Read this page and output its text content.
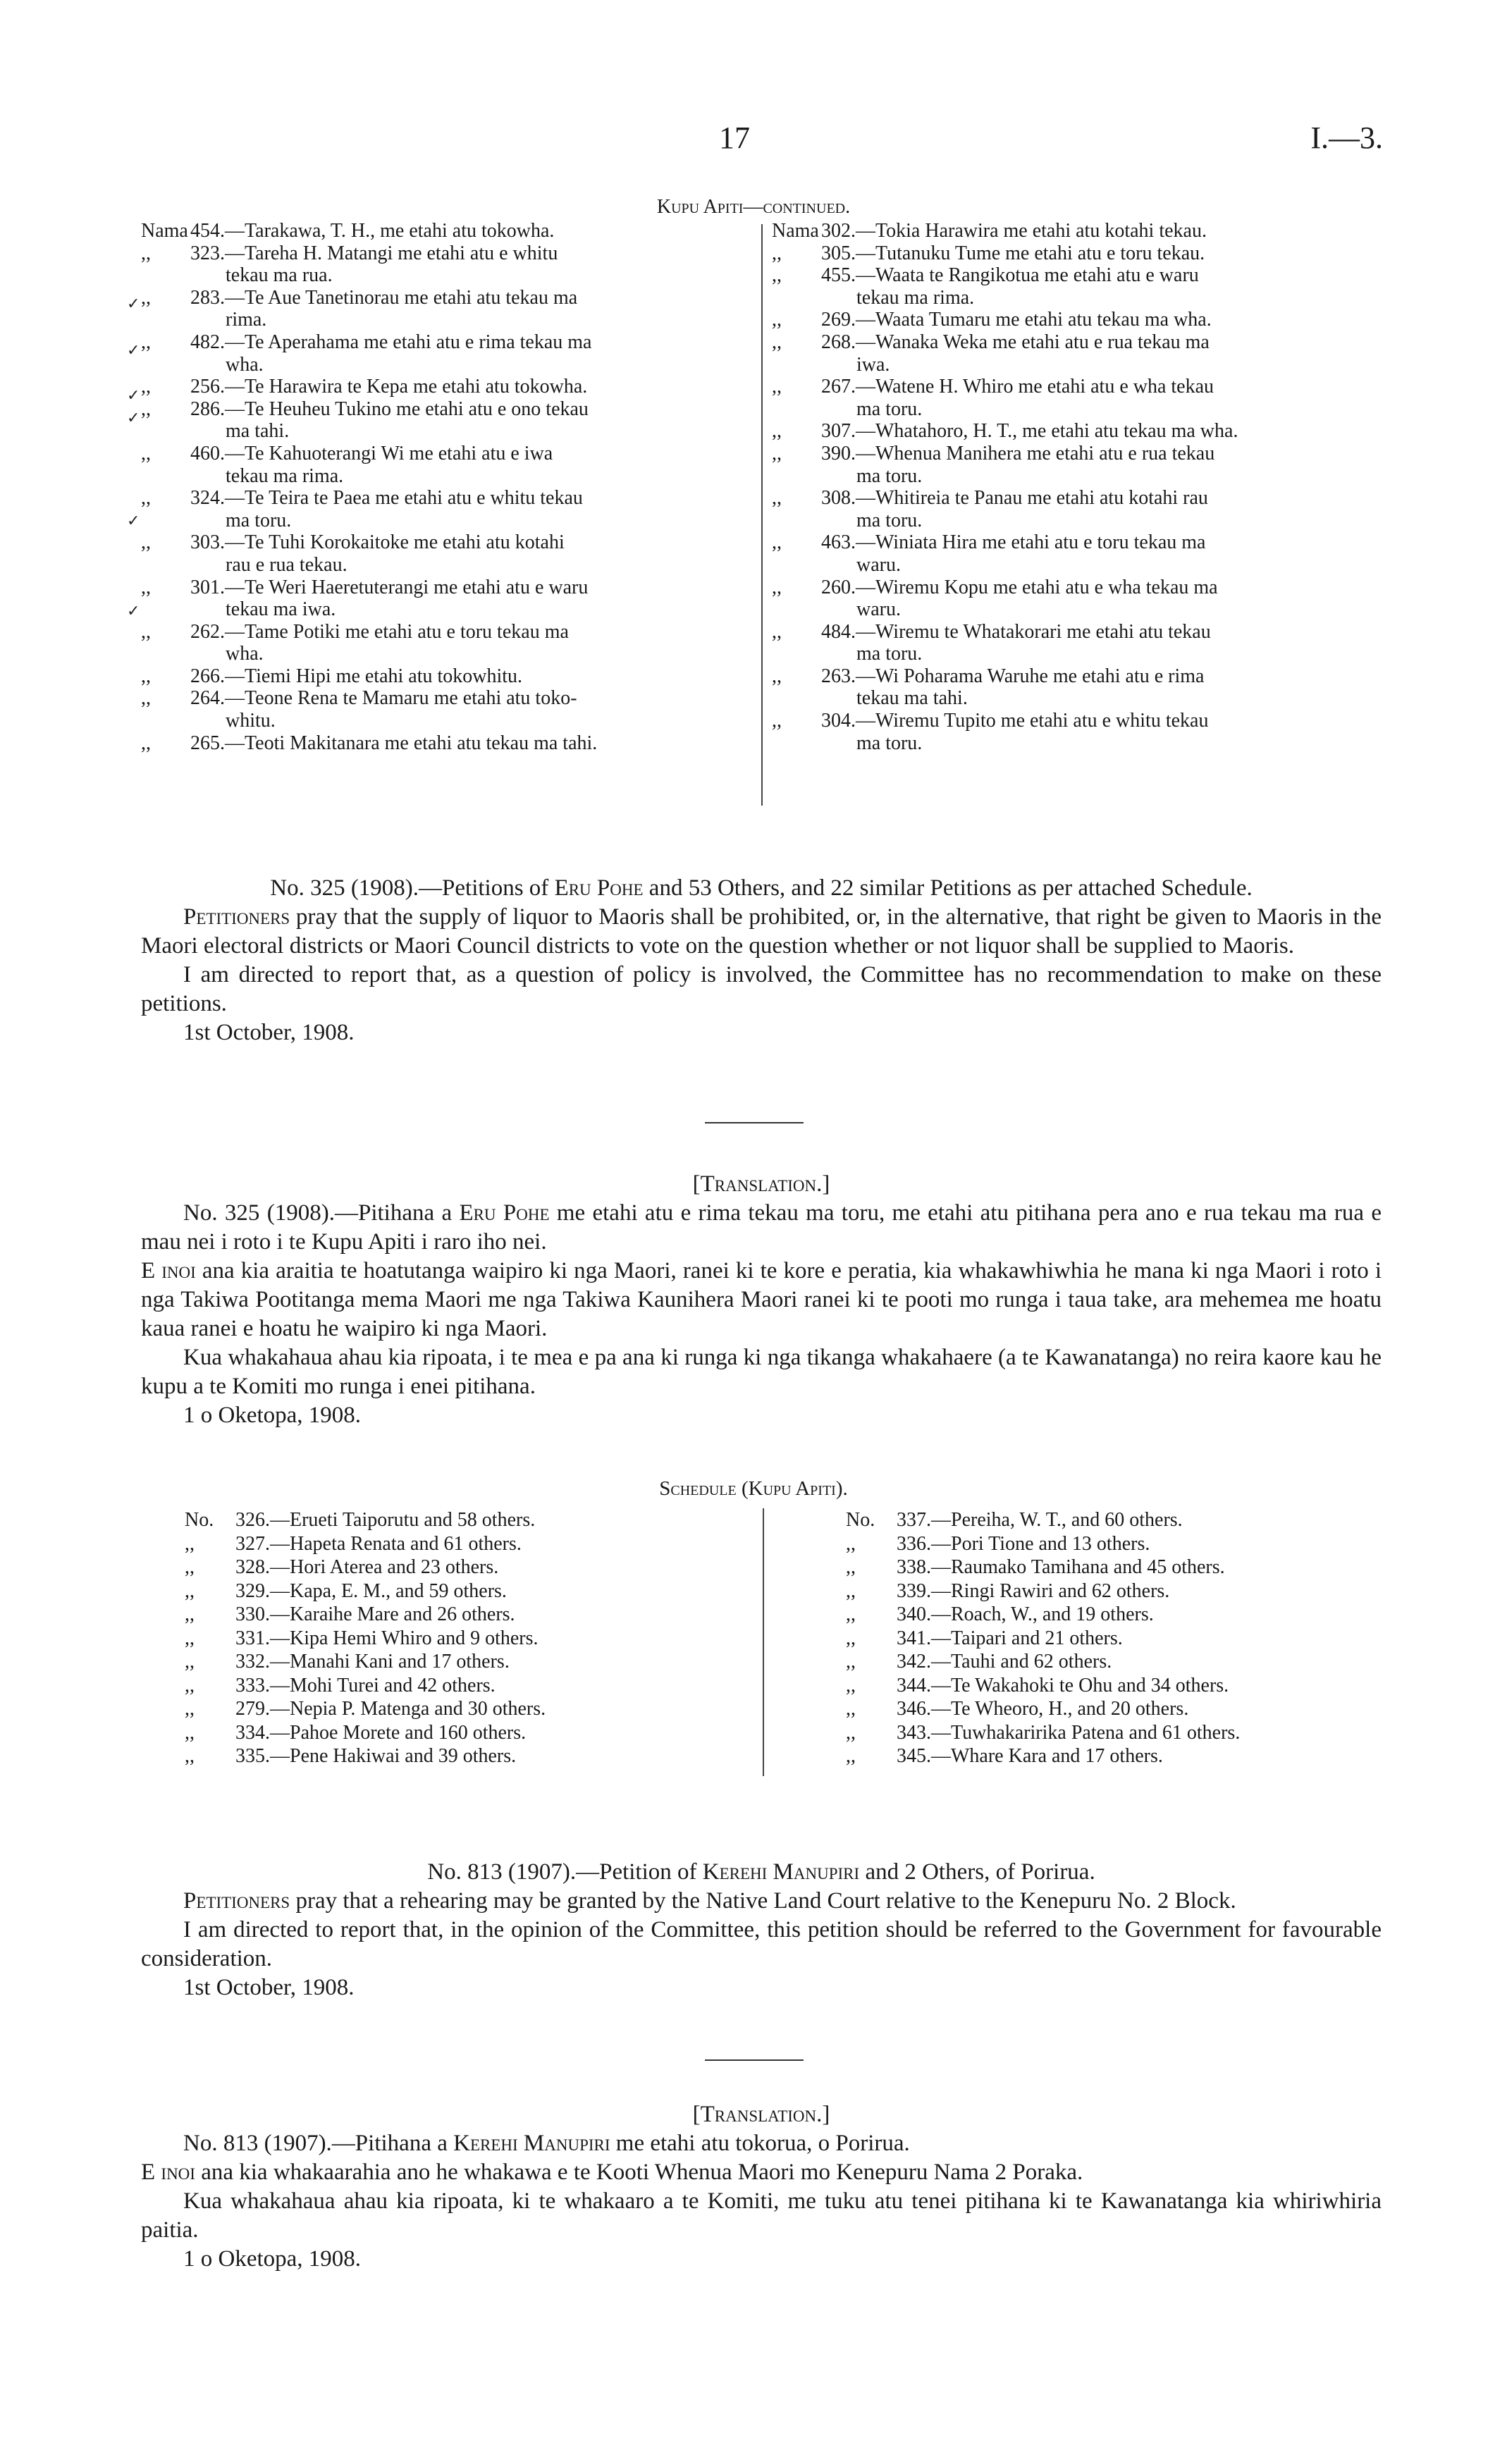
17	I.—3.
Kupu Apiti—continued.
Nama 454.—Tarakawa, T. H., me etahi atu tokowha.
,, 323.—Tareha H. Matangi me etahi atu e whitu
tekau ma rua.
,, 283.—Te Aue Tanetinorau me etahi atu tekau ma
rima.
,, 482.—Te Aperahama me etahi atu e rima tekau ma
wha.
,, 256.—Te Harawira te Kepa me etahi atu tokowha.
,, 286.—Te Heuheu Tukino me etahi atu e ono tekau
ma tahi.
,, 460.—Te Kahuoterangi Wi me etahi atu e iwa
tekau ma rima.
,, 324.—Te Teira te Paea me etahi atu e whitu tekau
ma toru.
,, 303.—Te Tuhi Korokaitoke me etahi atu kotahi
rau e rua tekau.
,, 301.—Te Weri Haeretuterangi me etahi atu e waru
tekau ma iwa.
,, 262.—Tame Potiki me etahi atu e toru tekau ma
wha.
,, 266.—Tiemi Hipi me etahi atu tokowhitu.
,, 264.—Teone Rena te Mamaru me etahi atu toko-
whitu.
,, 265.—Teoti Makitanara me etahi atu tekau ma tahi.
Nama 302.—Tokia Harawira me etahi atu kotahi tekau.
,, 305.—Tutanuku Tume me etahi atu e toru tekau.
,, 455.—Waata te Rangikotua me etahi atu e waru
tekau ma rima.
,, 269.—Waata Tumaru me etahi atu tekau ma wha.
,, 268.—Wanaka Weka me etahi atu e rua tekau ma
iwa.
,, 267.—Watene H. Whiro me etahi atu e wha tekau
ma toru.
,, 307.—Whatahoro, H. T., me etahi atu tekau ma wha.
,, 390.—Whenua Manihera me etahi atu e rua tekau
ma toru.
,, 308.—Whitireia te Panau me etahi atu kotahi rau
ma toru.
,, 463.—Winiata Hira me etahi atu e toru tekau ma
waru.
,, 260.—Wiremu Kopu me etahi atu e wha tekau ma
waru.
,, 484.—Wiremu te Whatakorari me etahi atu tekau
ma toru.
,, 263.—Wi Poharama Waruhe me etahi atu e rima
tekau ma tahi.
,, 304.—Wiremu Tupito me etahi atu e whitu tekau
ma toru.
✓
✓
✓
✓
✓
✓

No. 325 (1908).—Petitions of Eru Pohe and 53 Others, and 22 similar Petitions as per attached Schedule.

Petitioners pray that the supply of liquor to Maoris shall be prohibited, or, in the alternative, that right be given to Maoris in the Maori electoral districts or Maori Council districts to vote on the question whether or not liquor shall be supplied to Maoris.

I am directed to report that, as a question of policy is involved, the Committee has no recommendation to make on these petitions.

1st October, 1908.

[Translation.]

No. 325 (1908).—Pitihana a Eru Pohe me etahi atu e rima tekau ma toru, me etahi atu pitihana pera ano e rua tekau ma rua e mau nei i roto i te Kupu Apiti i raro iho nei.

E inoi ana kia araitia te hoatutanga waipiro ki nga Maori, ranei ki te kore e peratia, kia whakawhiwhia he mana ki nga Maori i roto i nga Takiwa Pootitanga mema Maori me nga Takiwa Kaunihera Maori ranei ki te pooti mo runga i taua take, ara mehemea me hoatu kaua ranei e hoatu he waipiro ki nga Maori.

Kua whakahaua ahau kia ripoata, i te mea e pa ana ki runga ki nga tikanga whakahaere (a te Kawanatanga) no reira kaore kau he kupu a te Komiti mo runga i enei pitihana.

1 o Oketopa, 1908.

Schedule (Kupu Apiti).
No. 326.—Erueti Taiporutu and 58 others.
,, 327.—Hapeta Renata and 61 others.
,, 328.—Hori Aterea and 23 others.
,, 329.—Kapa, E. M., and 59 others.
,, 330.—Karaihe Mare and 26 others.
,, 331.—Kipa Hemi Whiro and 9 others.
,, 332.—Manahi Kani and 17 others.
,, 333.—Mohi Turei and 42 others.
,, 279.—Nepia P. Matenga and 30 others.
,, 334.—Pahoe Morete and 160 others.
,, 335.—Pene Hakiwai and 39 others.
No. 337.—Pereiha, W. T., and 60 others.
,, 336.—Pori Tione and 13 others.
,, 338.—Raumako Tamihana and 45 others.
,, 339.—Ringi Rawiri and 62 others.
,, 340.—Roach, W., and 19 others.
,, 341.—Taipari and 21 others.
,, 342.—Tauhi and 62 others.
,, 344.—Te Wakahoki te Ohu and 34 others.
,, 346.—Te Wheoro, H., and 20 others.
,, 343.—Tuwhakaririka Patena and 61 others.
,, 345.—Whare Kara and 17 others.

No. 813 (1907).—Petition of Kerehi Manupiri and 2 Others, of Porirua.

Petitioners pray that a rehearing may be granted by the Native Land Court relative to the Kenepuru No. 2 Block.

I am directed to report that, in the opinion of the Committee, this petition should be referred to the Government for favourable consideration.

1st October, 1908.

[Translation.]

No. 813 (1907).—Pitihana a Kerehi Manupiri me etahi atu tokorua, o Porirua.

E inoi ana kia whakaarahia ano he whakawa e te Kooti Whenua Maori mo Kenepuru Nama 2 Poraka.

Kua whakahaua ahau kia ripoata, ki te whakaaro a te Komiti, me tuku atu tenei pitihana ki te Kawanatanga kia whiriwhiria paitia.

1 o Oketopa, 1908.
